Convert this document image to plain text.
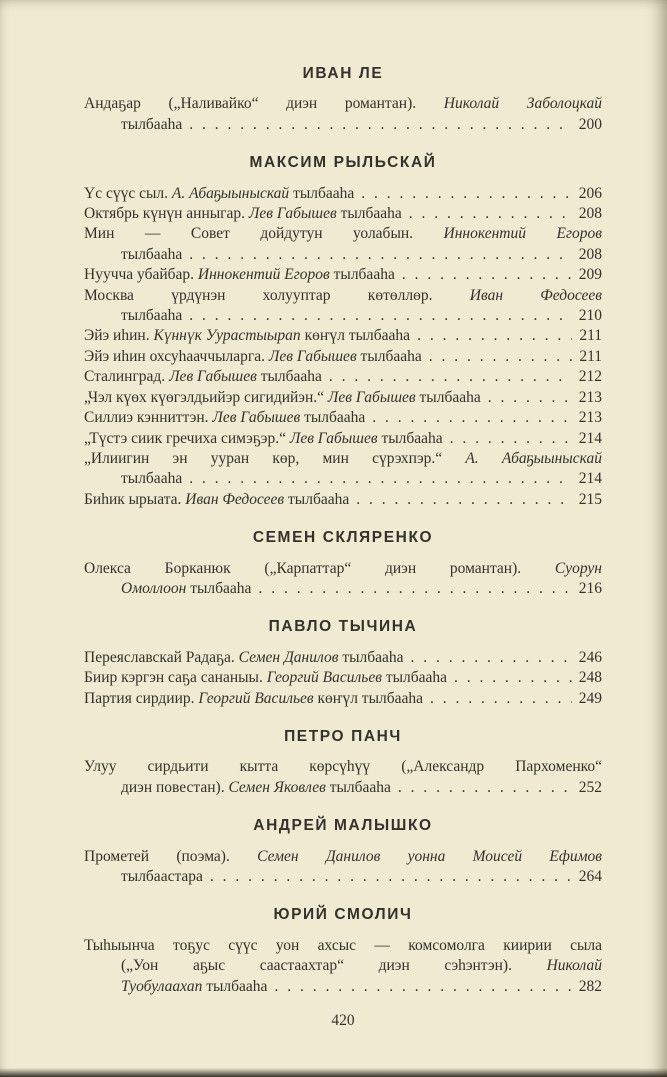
ИВАН ЛЕ
Андаҕар („Наливайко“ диэн романтан). Николай Заболоцкай
тылбааһа . . .	200
МАКСИМ РЫЛЬСКАЙ
Үс сүүс сыл. А. Абаҕыыныскай тылбааһа . . .	206
Октябрь күнүн анныгар. Лев Габышев тылбааһа . . .	208
Мин — Совет дойдутун уолабын. Иннокентий Егоров
тылбааһа . . .	208
Нуучча убайбар. Иннокентий Егоров тылбааһа . . .	209
Москва үрдүнэн холууптар көтөллөр. Иван Федосеев
тылбааһа . . .	210
Эйэ иһин. Күннүк Уурастыырап көҥүл тылбааһа . . .	211
Эйэ иһин охсуһааччыларга. Лев Габышев тылбааһа . . .	211
Сталинград. Лев Габышев тылбааһа . . .	212
„Чэл күөх күөгэлдьийэр сигидийэн.“ Лев Габышев тылбааһа . . .	213
Силлиэ кэнниттэн. Лев Габышев тылбааһа . . .	213
„Түстэ сиик гречиха симэҕэр.“ Лев Габышев тылбааһа . . .	214
„Илиигин эн ууран көр, мин сүрэхпэр.“ А. Абаҕыыныскай
тылбааһа . . .	214
Биһик ырыата. Иван Федосеев тылбааһа . . .	215
СЕМЕН СКЛЯРЕНКО
Олекса Борканюк („Карпаттар“ диэн романтан). Суорун
Омоллоон тылбааһа . . .	216
ПАВЛО ТЫЧИНА
Переяславскай Радаҕа. Семен Данилов тылбааһа . . .	246
Биир кэргэн саҕа сананыы. Георгий Васильев тылбааһа . . .	248
Партия сирдиир. Георгий Васильев көҥүл тылбааһа . . .	249
ПЕТРО ПАНЧ
Улуу сирдьити кытта көрсүһүү („Александр Пархоменко“
диэн повестан). Семен Яковлев тылбааһа . . .	252
АНДРЕЙ МАЛЫШКО
Прометей (поэма). Семен Данилов уонна Моисей Ефимов
тылбаастара . . .	264
ЮРИЙ СМОЛИЧ
Тыһыынча тоҕус сүүс уон ахсыс — комсомолга киирии сыла
(„Уон аҕыс саастаахтар“ диэн сэһэнтэн). Николай
Туобулаахап тылбааһа . . .	282
420
